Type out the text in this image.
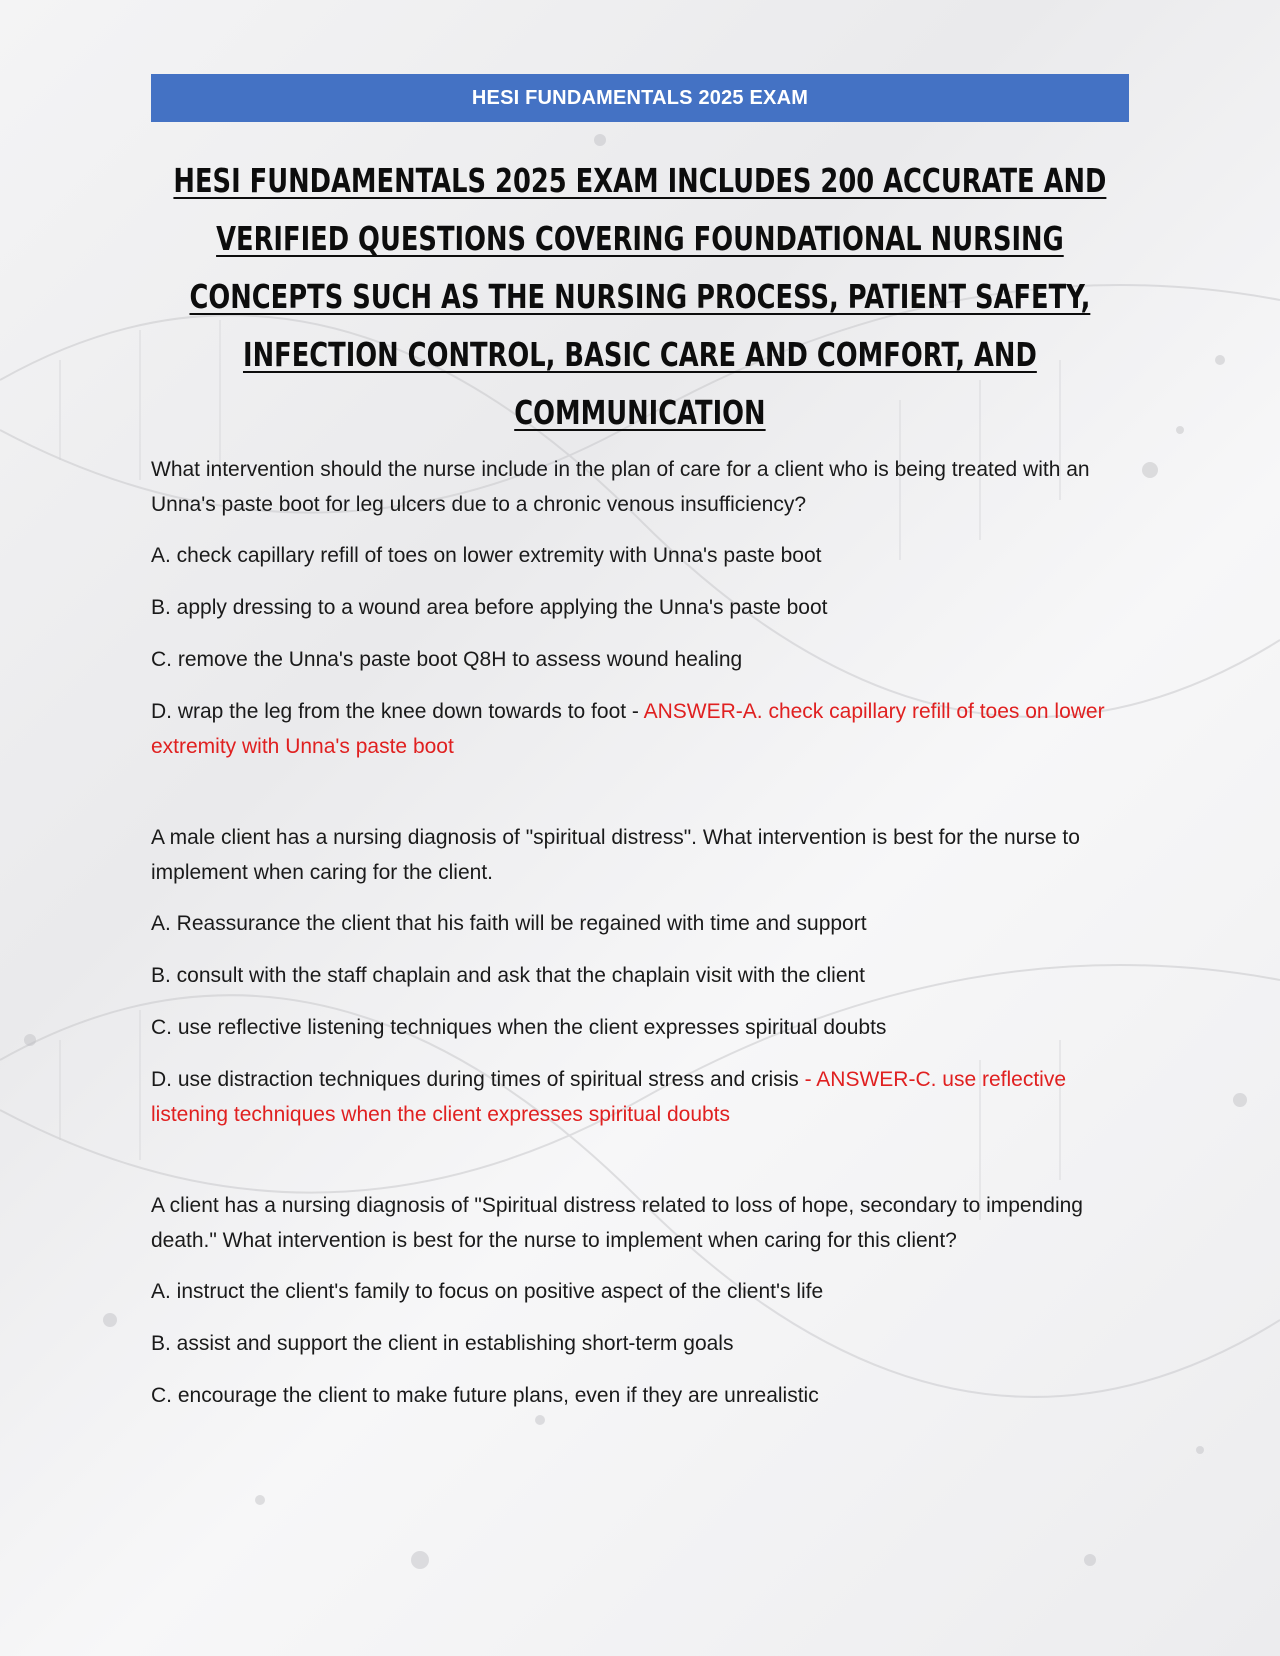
HESI FUNDAMENTALS 2025 EXAM
HESI FUNDAMENTALS 2025 EXAM INCLUDES 200 ACCURATE AND VERIFIED QUESTIONS COVERING FOUNDATIONAL NURSING CONCEPTS SUCH AS THE NURSING PROCESS, PATIENT SAFETY, INFECTION CONTROL, BASIC CARE AND COMFORT, AND COMMUNICATION

What intervention should the nurse include in the plan of care for a client who is being treated with an Unna's paste boot for leg ulcers due to a chronic venous insufficiency?

A. check capillary refill of toes on lower extremity with Unna's paste boot

B. apply dressing to a wound area before applying the Unna's paste boot

C. remove the Unna's paste boot Q8H to assess wound healing

D. wrap the leg from the knee down towards to foot - ANSWER-A. check capillary refill of toes on lower extremity with Unna's paste boot

A male client has a nursing diagnosis of "spiritual distress". What intervention is best for the nurse to implement when caring for the client.

A. Reassurance the client that his faith will be regained with time and support

B. consult with the staff chaplain and ask that the chaplain visit with the client

C. use reflective listening techniques when the client expresses spiritual doubts

D. use distraction techniques during times of spiritual stress and crisis - ANSWER-C. use reflective listening techniques when the client expresses spiritual doubts

A client has a nursing diagnosis of "Spiritual distress related to loss of hope, secondary to impending death." What intervention is best for the nurse to implement when caring for this client?

A. instruct the client's family to focus on positive aspect of the client's life

B. assist and support the client in establishing short-term goals

C. encourage the client to make future plans, even if they are unrealistic
